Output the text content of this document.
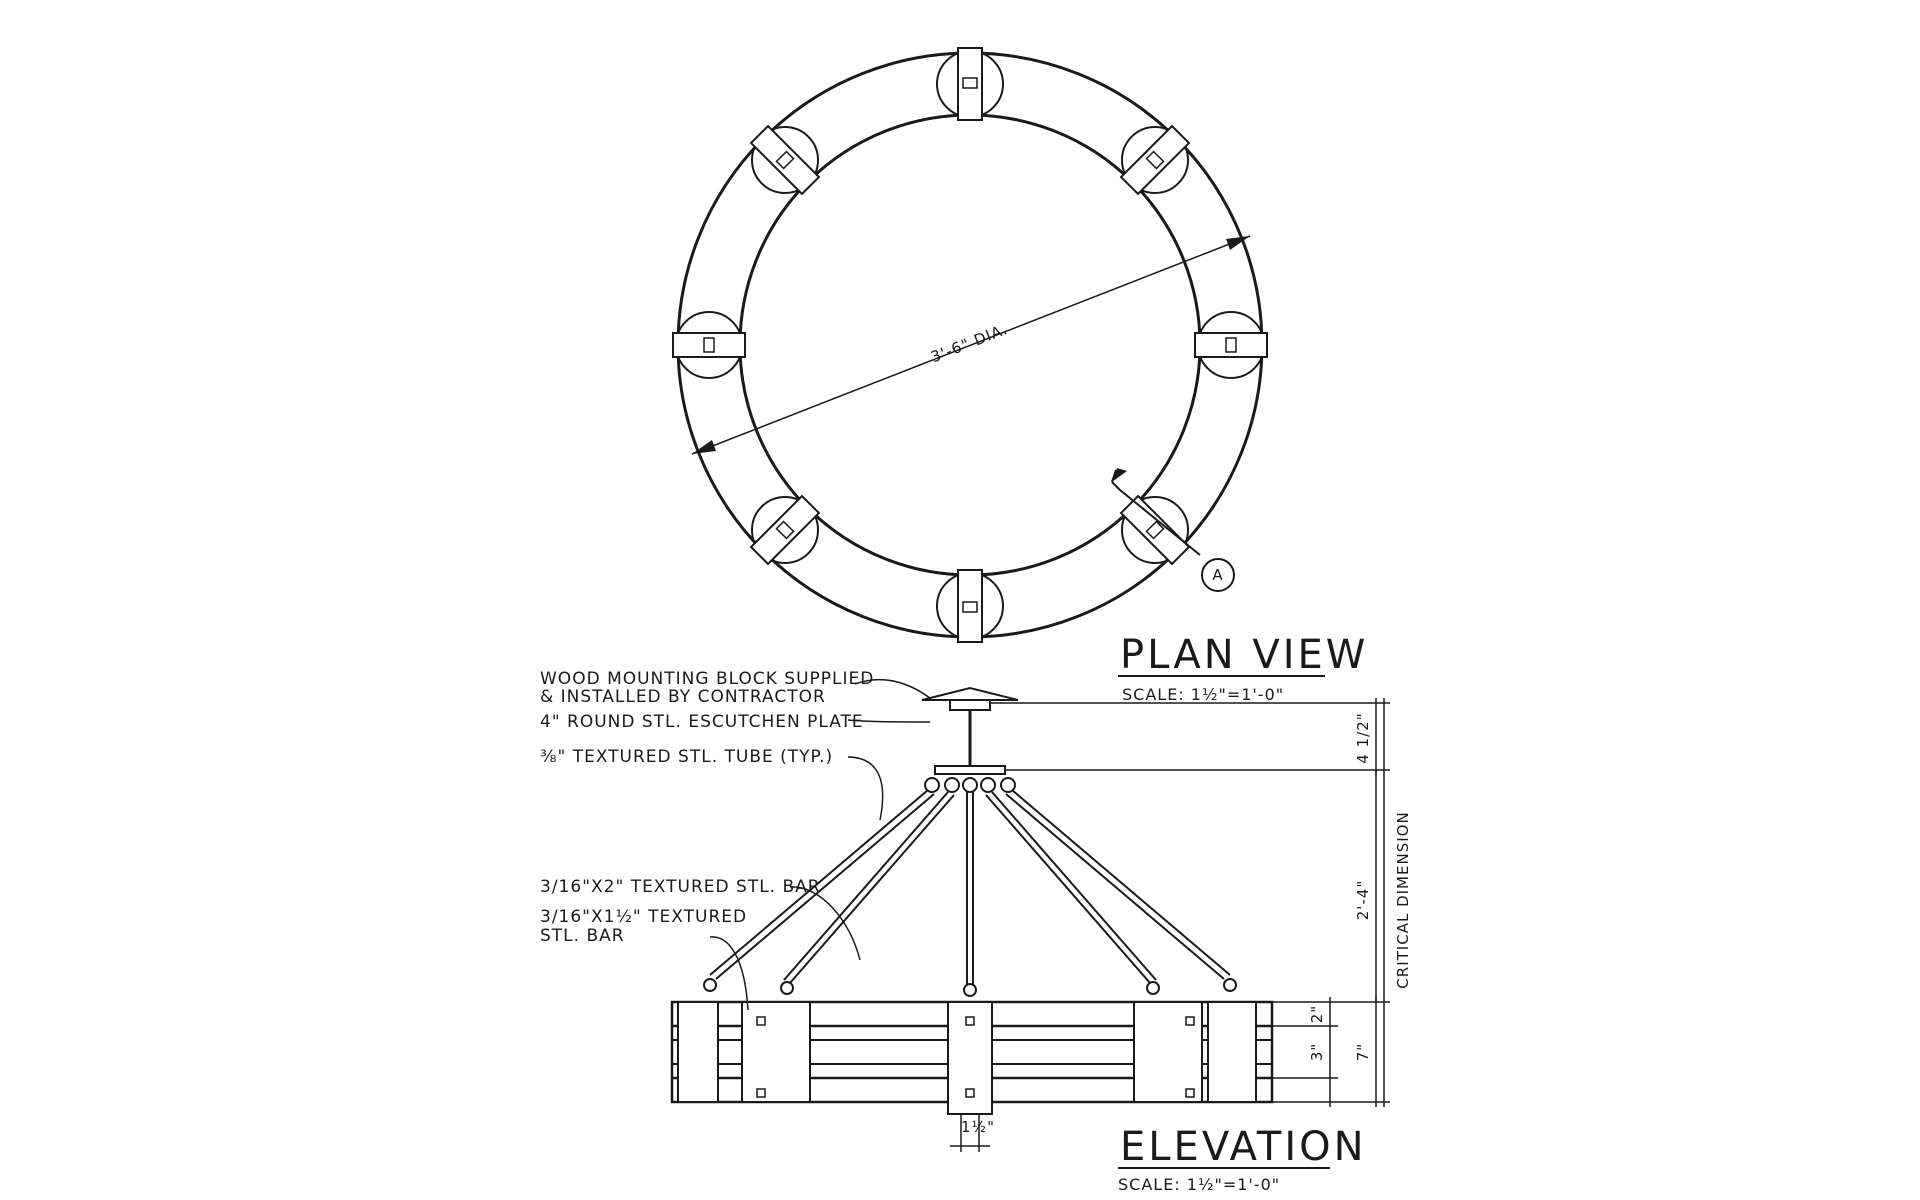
3'-6" DIA.
A
PLAN VIEW
SCALE: 1½"=1'-0"
WOOD MOUNTING BLOCK SUPPLIED
& INSTALLED BY CONTRACTOR
4" ROUND STL. ESCUTCHEN PLATE
⅜" TEXTURED STL. TUBE (TYP.)
3/16"X2" TEXTURED STL. BAR
3/16"X1½" TEXTURED
STL. BAR
4 1/2"
2'-4" CRITICAL DIMENSION
2"
3" 7"
1½"	ELEVATION
SCALE: 1½"=1'-0"
